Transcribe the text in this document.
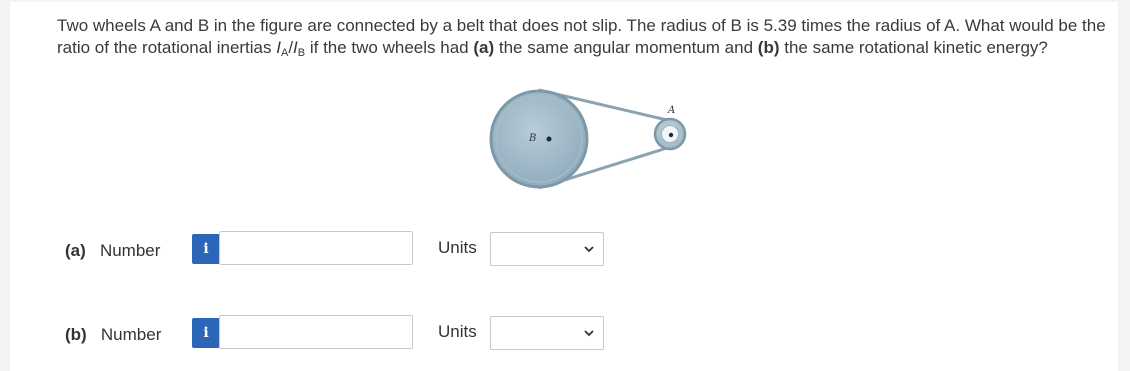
Two wheels A and B in the figure are connected by a belt that does not slip. The radius of B is 5.39 times the radius of A. What would be the ratio of the rotational inertias $I_A/I_B$ if the two wheels had (a) the same angular momentum and (b) the same rotational kinetic energy?
B
A
(a) Number	i	Units
(b) Number	i	Units
